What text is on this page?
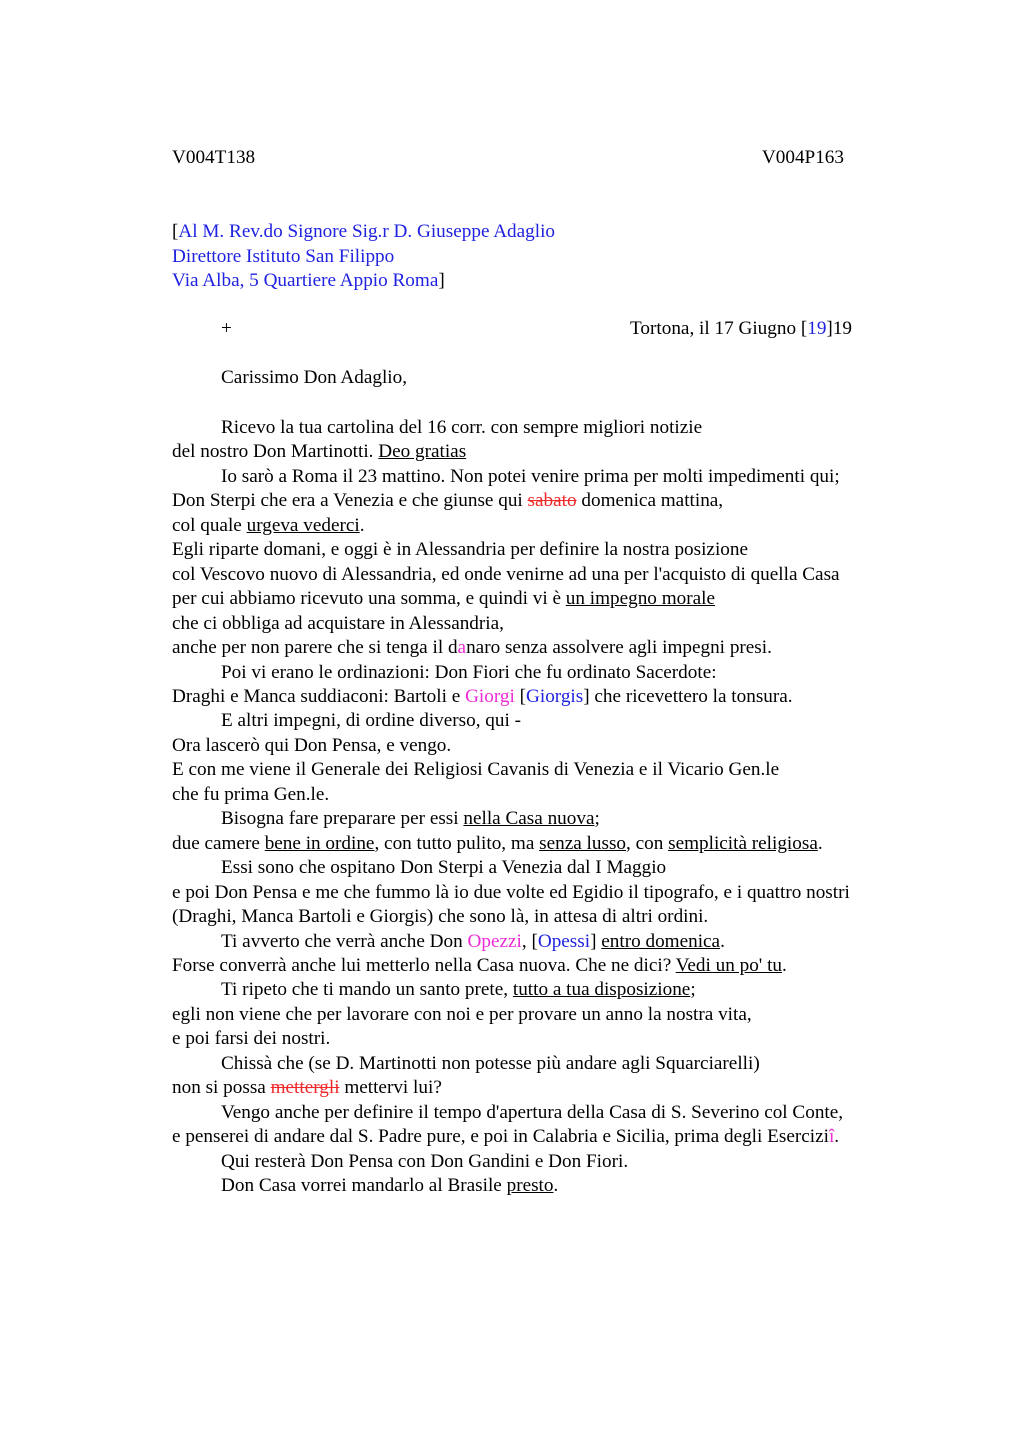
V004T138	V004P163
[Al M. Rev.do Signore Sig.r D. Giuseppe Adaglio
Direttore Istituto San Filippo
Via Alba, 5 Quartiere Appio Roma]
+	Tortona, il 17 Giugno [19]19
Carissimo Don Adaglio,
Ricevo la tua cartolina del 16 corr. con sempre migliori notizie
del nostro Don Martinotti. Deo gratias
Io sarò a Roma il 23 mattino. Non potei venire prima per molti impedimenti qui;
Don Sterpi che era a Venezia e che giunse qui sabato domenica mattina,
col quale urgeva vederci.
Egli riparte domani, e oggi è in Alessandria per definire la nostra posizione
col Vescovo nuovo di Alessandria, ed onde venirne ad una per l'acquisto di quella Casa
per cui abbiamo ricevuto una somma, e quindi vi è un impegno morale
che ci obbliga ad acquistare in Alessandria,
anche per non parere che si tenga il danaro senza assolvere agli impegni presi.
Poi vi erano le ordinazioni: Don Fiori che fu ordinato Sacerdote:
Draghi e Manca suddiaconi: Bartoli e Giorgi [Giorgis] che ricevettero la tonsura.
E altri impegni, di ordine diverso, qui -
Ora lascerò qui Don Pensa, e vengo.
E con me viene il Generale dei Religiosi Cavanis di Venezia e il Vicario Gen.le
che fu prima Gen.le.
Bisogna fare preparare per essi nella Casa nuova;
due camere bene in ordine, con tutto pulito, ma senza lusso, con semplicità religiosa.
Essi sono che ospitano Don Sterpi a Venezia dal I Maggio
e poi Don Pensa e me che fummo là io due volte ed Egidio il tipografo, e i quattro nostri
(Draghi, Manca Bartoli e Giorgis) che sono là, in attesa di altri ordini.
Ti avverto che verrà anche Don Opezzi, [Opessi] entro domenica.
Forse converrà anche lui metterlo nella Casa nuova. Che ne dici? Vedi un po' tu.
Ti ripeto che ti mando un santo prete, tutto a tua disposizione;
egli non viene che per lavorare con noi e per provare un anno la nostra vita,
e poi farsi dei nostri.
Chissà che (se D. Martinotti non potesse più andare agli Squarciarelli)
non si possa mettergli mettervi lui?
Vengo anche per definire il tempo d'apertura della Casa di S. Severino col Conte,
e penserei di andare dal S. Padre pure, e poi in Calabria e Sicilia, prima degli Eserciziî.
Qui resterà Don Pensa con Don Gandini e Don Fiori.
Don Casa vorrei mandarlo al Brasile presto.
